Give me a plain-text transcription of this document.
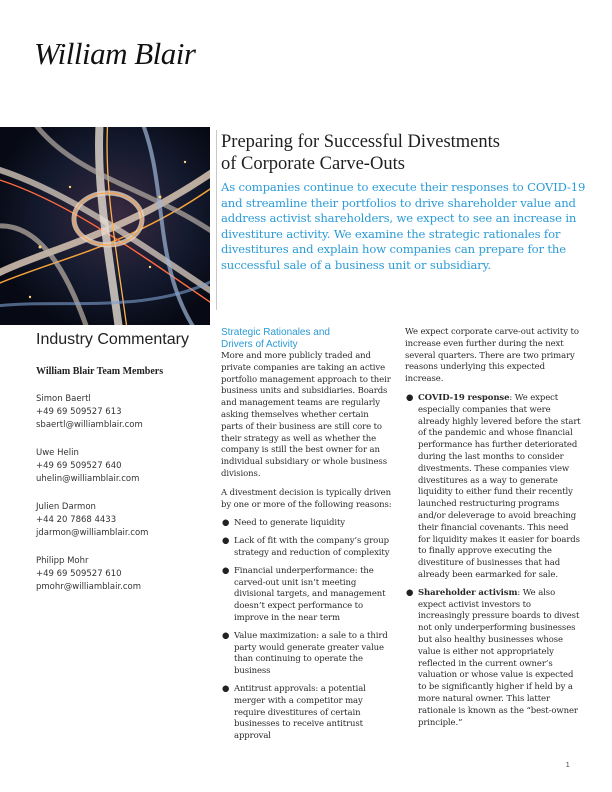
William Blair
Preparing for Successful Divestments
of Corporate Carve-Outs
As companies continue to execute their responses to COVID-19 and streamline their portfolios to drive shareholder value and address activist shareholders, we expect to see an increase in divestiture activity. We examine the strategic rationales for divestitures and explain how companies can prepare for the successful sale of a business unit or subsidiary.
Industry Commentary
William Blair Team Members
Simon Baertl
+49 69 509527 613
sbaertl@williamblair.com
Uwe Helin
+49 69 509527 640
uhelin@williamblair.com
Julien Darmon
+44 20 7868 4433
jdarmon@williamblair.com
Philipp Mohr
+49 69 509527 610
pmohr@williamblair.com
Strategic Rationales and
Drivers of Activity

More and more publicly traded and private companies are taking an active portfolio management approach to their business units and subsidiaries. Boards and management teams are regularly asking themselves whether certain parts of their business are still core to their strategy as well as whether the company is still the best owner for an individual subsidiary or whole business divisions.

A divestment decision is typically driven by one or more of the following reasons:

● Need to generate liquidity
● Lack of fit with the company’s group strategy and reduction of complexity
● Financial underperformance: the carved-out unit isn’t meeting divisional targets, and management doesn’t expect performance to improve in the near term
● Value maximization: a sale to a third party would generate greater value than continuing to operate the business
● Antitrust approvals: a potential merger with a competitor may require divestitures of certain businesses to receive antitrust approval

We expect corporate carve-out activity to increase even further during the next several quarters. There are two primary reasons underlying this expected increase.

● COVID-19 response: We expect especially companies that were already highly levered before the start of the pandemic and whose financial performance has further deteriorated during the last months to consider divestments. These companies view divestitures as a way to generate liquidity to either fund their recently launched restructuring programs and/or deleverage to avoid breaching their financial covenants. This need for liquidity makes it easier for boards to finally approve executing the divestiture of businesses that had already been earmarked for sale.
● Shareholder activism: We also expect activist investors to increasingly pressure boards to divest not only underperforming businesses but also healthy businesses whose value is either not appropriately reflected in the current owner’s valuation or whose value is expected to be significantly higher if held by a more natural owner. This latter rationale is known as the “best-owner principle.”
1
